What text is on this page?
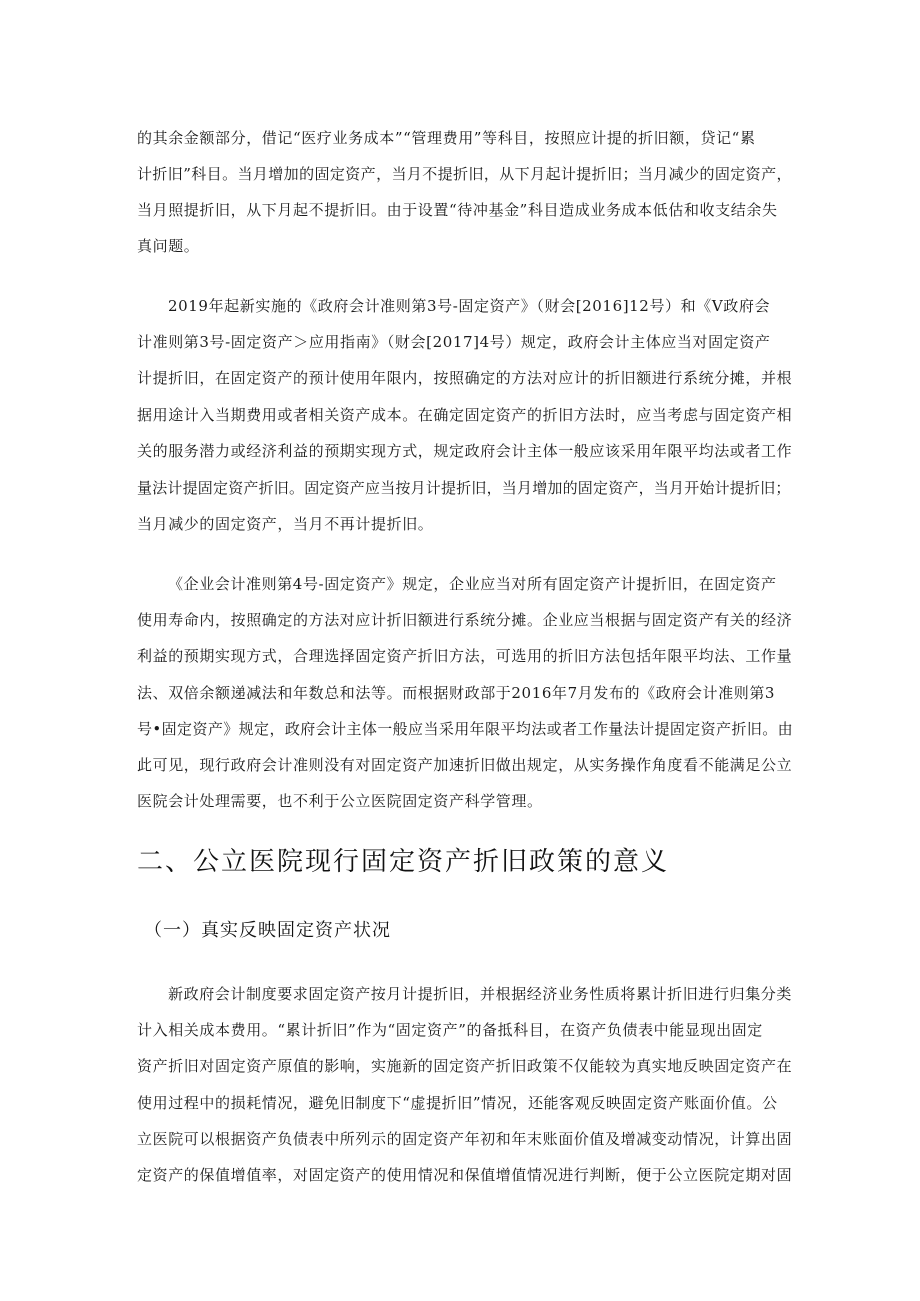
的其余金额部分，借记“医疗业务成本”“管理费用”等科目，按照应计提的折旧额，贷记“累
计折旧”科目。当月增加的固定资产，当月不提折旧，从下月起计提折旧；当月减少的固定资产，
当月照提折旧，从下月起不提折旧。由于设置“待冲基金”科目造成业务成本低估和收支结余失
真问题。
2019年起新实施的《政府会计准则第3号-固定资产》（财会[2016]12号）和《V政府会
计准则第3号-固定资产＞应用指南》（财会[2017]4号）规定，政府会计主体应当对固定资产
计提折旧，在固定资产的预计使用年限内，按照确定的方法对应计的折旧额进行系统分摊，并根
据用途计入当期费用或者相关资产成本。在确定固定资产的折旧方法时，应当考虑与固定资产相
关的服务潜力或经济利益的预期实现方式，规定政府会计主体一般应该采用年限平均法或者工作
量法计提固定资产折旧。固定资产应当按月计提折旧，当月增加的固定资产，当月开始计提折旧；
当月减少的固定资产，当月不再计提折旧。
《企业会计准则第4号-固定资产》规定，企业应当对所有固定资产计提折旧，在固定资产
使用寿命内，按照确定的方法对应计折旧额进行系统分摊。企业应当根据与固定资产有关的经济
利益的预期实现方式，合理选择固定资产折旧方法，可选用的折旧方法包括年限平均法、工作量
法、双倍余额递减法和年数总和法等。而根据财政部于2016年7月发布的《政府会计准则第3
号•固定资产》规定，政府会计主体一般应当采用年限平均法或者工作量法计提固定资产折旧。由
此可见，现行政府会计准则没有对固定资产加速折旧做出规定，从实务操作角度看不能满足公立
医院会计处理需要，也不利于公立医院固定资产科学管理。
二、公立医院现行固定资产折旧政策的意义
（一）真实反映固定资产状况
新政府会计制度要求固定资产按月计提折旧，并根据经济业务性质将累计折旧进行归集分类
计入相关成本费用。“累计折旧”作为“固定资产”的备抵科目，在资产负债表中能显现出固定
资产折旧对固定资产原值的影响，实施新的固定资产折旧政策不仅能较为真实地反映固定资产在
使用过程中的损耗情况，避免旧制度下“虚提折旧”情况，还能客观反映固定资产账面价值。公
立医院可以根据资产负债表中所列示的固定资产年初和年末账面价值及增减变动情况，计算出固
定资产的保值增值率，对固定资产的使用情况和保值增值情况进行判断，便于公立医院定期对固
